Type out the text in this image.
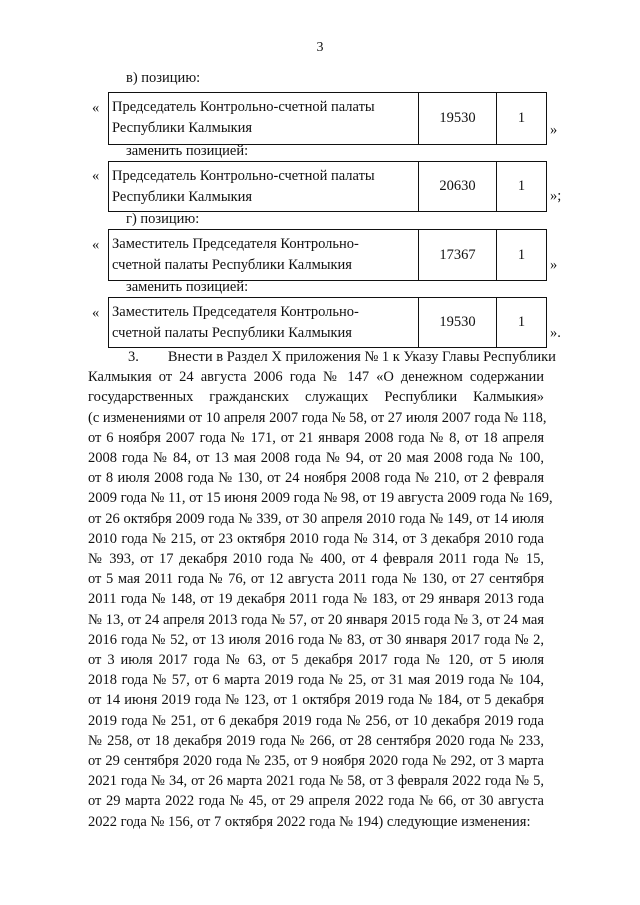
3
в) позицию:
« Председатель Контрольно-счетной палаты
Республики Калмыкия
19530	1
»
заменить позицией:
« Председатель Контрольно-счетной палаты
Республики Калмыкия
20630	1
»;
г) позицию:
« Заместитель Председателя Контрольно-
счетной палаты Республики Калмыкия
17367	1
»
заменить позицией:
« Заместитель Председателя Контрольно-
счетной палаты Республики Калмыкия
19530	1
».
3.        Внести в Раздел X приложения № 1 к Указу Главы Республики
Калмыкия от 24 августа 2006 года № 147 «О денежном содержании
государственных гражданских служащих Республики Калмыкия»
(с изменениями от 10 апреля 2007 года № 58, от 27 июля 2007 года № 118,
от 6 ноября 2007 года № 171, от 21 января 2008 года № 8, от 18 апреля
2008 года № 84, от 13 мая 2008 года № 94, от 20 мая 2008 года № 100,
от 8 июля 2008 года № 130, от 24 ноября 2008 года № 210, от 2 февраля
2009 года № 11, от 15 июня 2009 года № 98, от 19 августа 2009 года № 169,
от 26 октября 2009 года № 339, от 30 апреля 2010 года № 149, от 14 июля
2010 года № 215, от 23 октября 2010 года № 314, от 3 декабря 2010 года
№ 393, от 17 декабря 2010 года № 400, от 4 февраля 2011 года № 15,
от 5 мая 2011 года № 76, от 12 августа 2011 года № 130, от 27 сентября
2011 года № 148, от 19 декабря 2011 года № 183, от 29 января 2013 года
№ 13, от 24 апреля 2013 года № 57, от 20 января 2015 года № 3, от 24 мая
2016 года № 52, от 13 июля 2016 года № 83, от 30 января 2017 года № 2,
от 3 июля 2017 года № 63, от 5 декабря 2017 года № 120, от 5 июля
2018 года № 57, от 6 марта 2019 года № 25, от 31 мая 2019 года № 104,
от 14 июня 2019 года № 123, от 1 октября 2019 года № 184, от 5 декабря
2019 года № 251, от 6 декабря 2019 года № 256, от 10 декабря 2019 года
№ 258, от 18 декабря 2019 года № 266, от 28 сентября 2020 года № 233,
от 29 сентября 2020 года № 235, от 9 ноября 2020 года № 292, от 3 марта
2021 года № 34, от 26 марта 2021 года № 58, от 3 февраля 2022 года № 5,
от 29 марта 2022 года № 45, от 29 апреля 2022 года № 66, от 30 августа
2022 года № 156, от 7 октября 2022 года № 194) следующие изменения:
